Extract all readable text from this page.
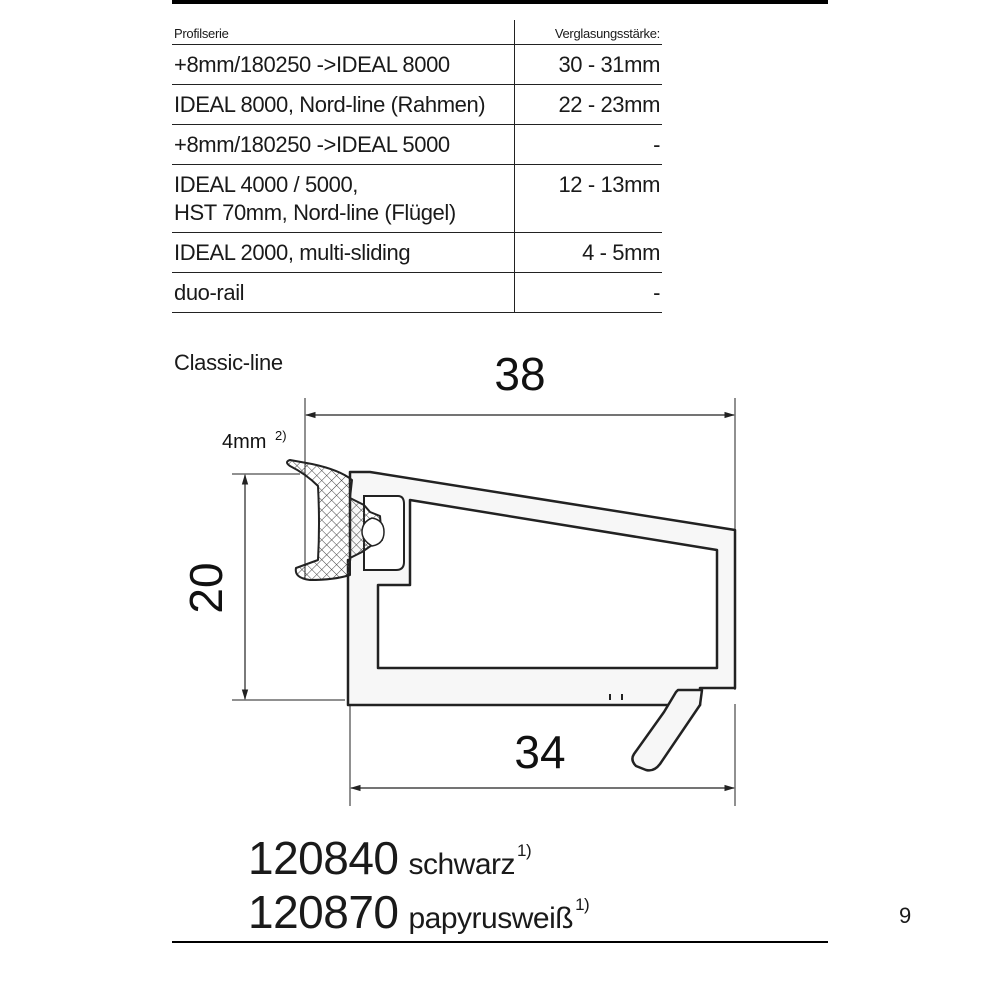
Profilserie	Verglasungsstärke:
+8mm/180250 ->IDEAL 8000	30 - 31mm
IDEAL 8000, Nord-line (Rahmen)	22 - 23mm
+8mm/180250 ->IDEAL 5000	-

IDEAL 4000 / 5000,
HST 70mm, Nord-line (Flügel)	12 - 13mm
IDEAL 2000, multi-sliding	4 - 5mm
duo-rail	-
Classic-line	38
34
20
4mm 2)
120840 schwarz $^{1)}$
120870 papyrusweiß $^{1)}$	9
